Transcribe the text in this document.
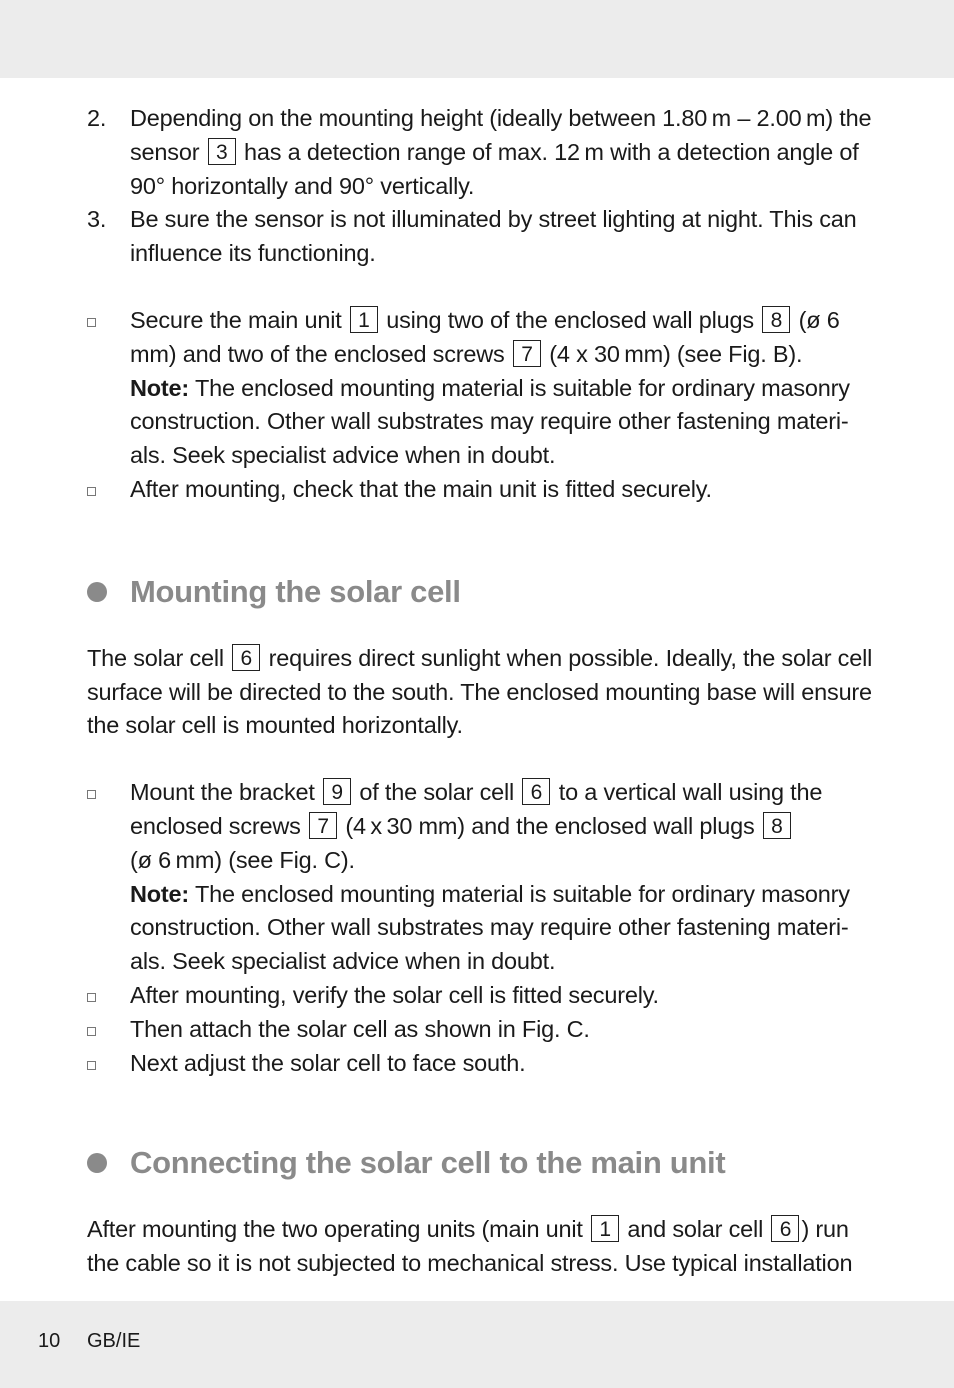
2. Depending on the mounting height (ideally between 1.80 m – 2.00 m) the sensor 3 has a detection range of max. 12 m with a detection angle of 90° horizontally and 90° vertically.
3. Be sure the sensor is not illuminated by street lighting at night. This can influence its functioning.
Secure the main unit 1 using two of the enclosed wall plugs 8 (ø 6 mm) and two of the enclosed screws 7 (4 x 30 mm) (see Fig. B).
Note: The enclosed mounting material is suitable for ordinary masonry construction. Other wall substrates may require other fastening materi-als. Seek specialist advice when in doubt.
After mounting, check that the main unit is fitted securely.
Mounting the solar cell
The solar cell 6 requires direct sunlight when possible. Ideally, the solar cell surface will be directed to the south. The enclosed mounting base will ensure the solar cell is mounted horizontally.
Mount the bracket 9 of the solar cell 6 to a vertical wall using the enclosed screws 7 (4 x 30 mm) and the enclosed wall plugs 8
(ø 6 mm) (see Fig. C).
Note: The enclosed mounting material is suitable for ordinary masonry construction. Other wall substrates may require other fastening materi-als. Seek specialist advice when in doubt.
After mounting, verify the solar cell is fitted securely.
Then attach the solar cell as shown in Fig. C.
Next adjust the solar cell to face south.
Connecting the solar cell to the main unit
After mounting the two operating units (main unit 1 and solar cell 6 ) run the cable so it is not subjected to mechanical stress. Use typical installation
10 GB/IE
